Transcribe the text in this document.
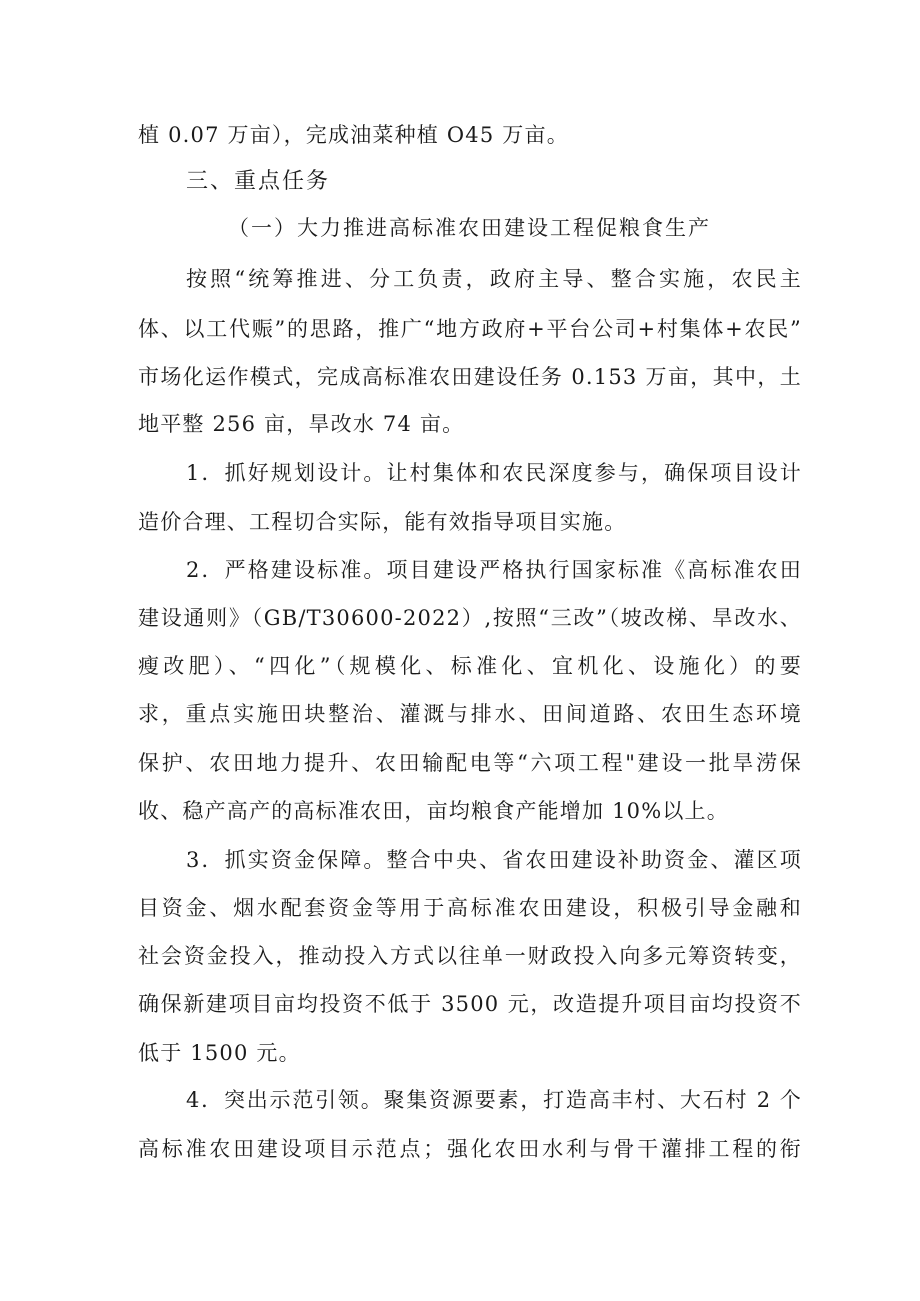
植 0.07 万亩），完成油菜种植 O45 万亩。
三、重点任务
（一）大力推进高标准农田建设工程促粮食生产
按照“统筹推进、分工负责，政府主导、整合实施，农民主
体、以工代赈”的思路，推广“地方政府+平台公司+村集体+农民”
市场化运作模式，完成高标准农田建设任务 0.153 万亩，其中，土
地平整 256 亩，旱改水 74 亩。
1．抓好规划设计。让村集体和农民深度参与，确保项目设计
造价合理、工程切合实际，能有效指导项目实施。
2．严格建设标准。项目建设严格执行国家标准《高标准农田
建设通则》（GB/T30600-2022）,按照“三改”（坡改梯、旱改水、
瘦改肥）、“四化”（规模化、标准化、宜机化、设施化）的要
求，重点实施田块整治、灌溉与排水、田间道路、农田生态环境
保护、农田地力提升、农田输配电等“六项工程"建设一批旱涝保
收、稳产高产的高标准农田，亩均粮食产能增加 10%以上。
3．抓实资金保障。整合中央、省农田建设补助资金、灌区项
目资金、烟水配套资金等用于高标准农田建设，积极引导金融和
社会资金投入，推动投入方式以往单一财政投入向多元筹资转变，
确保新建项目亩均投资不低于 3500 元，改造提升项目亩均投资不
低于 1500 元。
4．突出示范引领。聚集资源要素，打造高丰村、大石村 2 个
高标准农田建设项目示范点；强化农田水利与骨干灌排工程的衔
